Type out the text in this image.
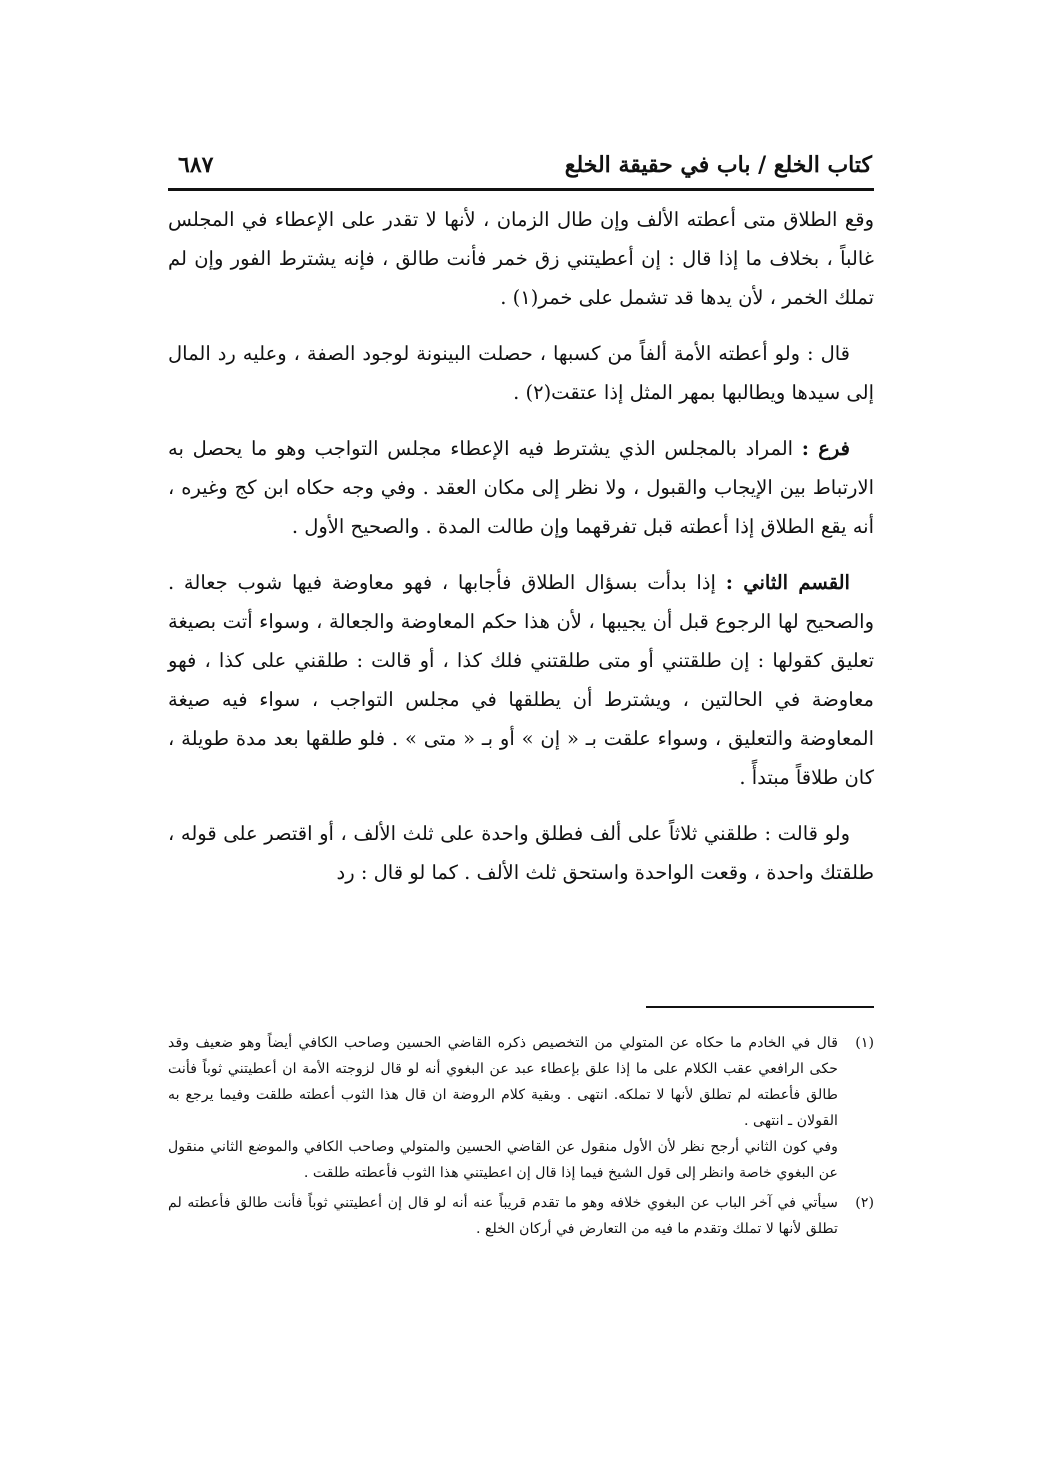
كتاب الخلع / باب في حقيقة الخلع
٦٨٧

وقع الطلاق متى أعطته الألف وإن طال الزمان ، لأنها لا تقدر على الإعطاء في المجلس غالباً ، بخلاف ما إذا قال : إن أعطيتني زق خمر فأنت طالق ، فإنه يشترط الفور وإن لم تملك الخمر ، لأن يدها قد تشمل على خمر(١) .

قال : ولو أعطته الأمة ألفاً من كسبها ، حصلت البينونة لوجود الصفة ، وعليه رد المال إلى سيدها ويطالبها بمهر المثل إذا عتقت(٢) .

فرع : المراد بالمجلس الذي يشترط فيه الإعطاء مجلس التواجب وهو ما يحصل به الارتباط بين الإيجاب والقبول ، ولا نظر إلى مكان العقد . وفي وجه حكاه ابن كج وغيره ، أنه يقع الطلاق إذا أعطته قبل تفرقهما وإن طالت المدة . والصحيح الأول .

القسم الثاني : إذا بدأت بسؤال الطلاق فأجابها ، فهو معاوضة فيها شوب جعالة . والصحيح لها الرجوع قبل أن يجيبها ، لأن هذا حكم المعاوضة والجعالة ، وسواء أتت بصيغة تعليق كقولها : إن طلقتني أو متى طلقتني فلك كذا ، أو قالت : طلقني على كذا ، فهو معاوضة في الحالتين ، ويشترط أن يطلقها في مجلس التواجب ، سواء فيه صيغة المعاوضة والتعليق ، وسواء علقت بـ « إن » أو بـ « متى » . فلو طلقها بعد مدة طويلة ، كان طلاقاً مبتدأً .

ولو قالت : طلقني ثلاثاً على ألف فطلق واحدة على ثلث الألف ، أو اقتصر على قوله ، طلقتك واحدة ، وقعت الواحدة واستحق ثلث الألف . كما لو قال : رد

(١)

قال في الخادم ما حكاه عن المتولي من التخصيص ذكره القاضي الحسين وصاحب الكافي أيضاً وهو ضعيف وقد حكى الرافعي عقب الكلام على ما إذا علق بإعطاء عبد عن البغوي أنه لو قال لزوجته الأمة ان أعطيتني ثوباً فأنت طالق فأعطته لم تطلق لأنها لا تملكه. انتهى . وبقية كلام الروضة ان قال هذا الثوب أعطته طلقت وفيما يرجع به القولان ـ انتهى .

وفي كون الثاني أرجح نظر لأن الأول منقول عن القاضي الحسين والمتولي وصاحب الكافي والموضع الثاني منقول عن البغوي خاصة وانظر إلى قول الشيخ فيما إذا قال إن اعطيتني هذا الثوب فأعطته طلقت .

(٢)

سيأتي في آخر الباب عن البغوي خلافه وهو ما تقدم قريباً عنه أنه لو قال إن أعطيتني ثوباً فأنت طالق فأعطته لم تطلق لأنها لا تملك وتقدم ما فيه من التعارض في أركان الخلع .
